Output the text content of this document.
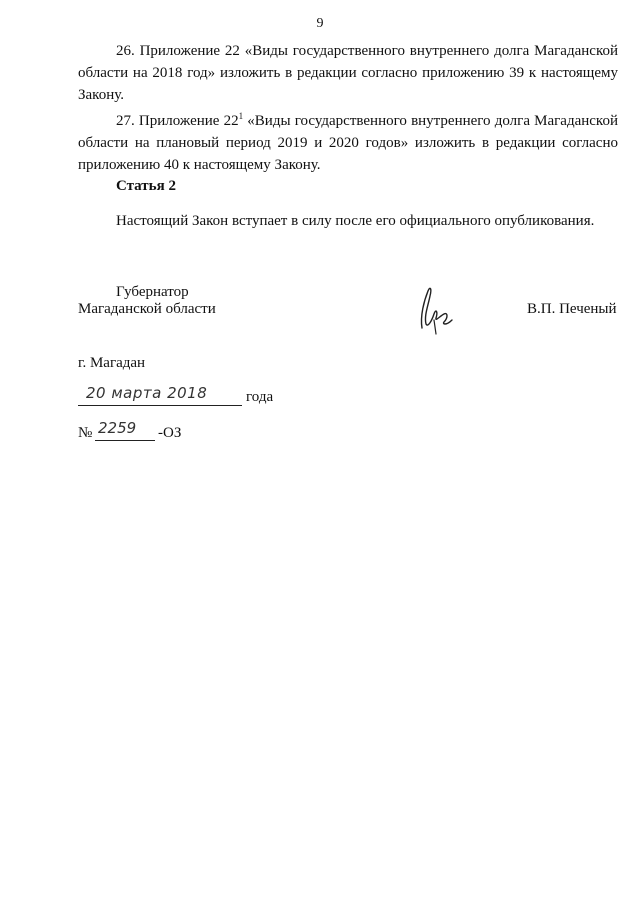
9
26. Приложение 22 «Виды государственного внутреннего долга Магаданской области на 2018 год» изложить в редакции согласно приложению 39 к настоящему Закону.
27. Приложение $22^1$ «Виды государственного внутреннего долга Магаданской области на плановый период 2019 и 2020 годов» изложить в редакции согласно приложению 40 к настоящему Закону.
Статья 2
Настоящий Закон вступает в силу после его официального опубликования.
Губернатор
Магаданской области	В.П. Печеный
г. Магадан
20 марта 2018	года
№ 2259 -ОЗ
